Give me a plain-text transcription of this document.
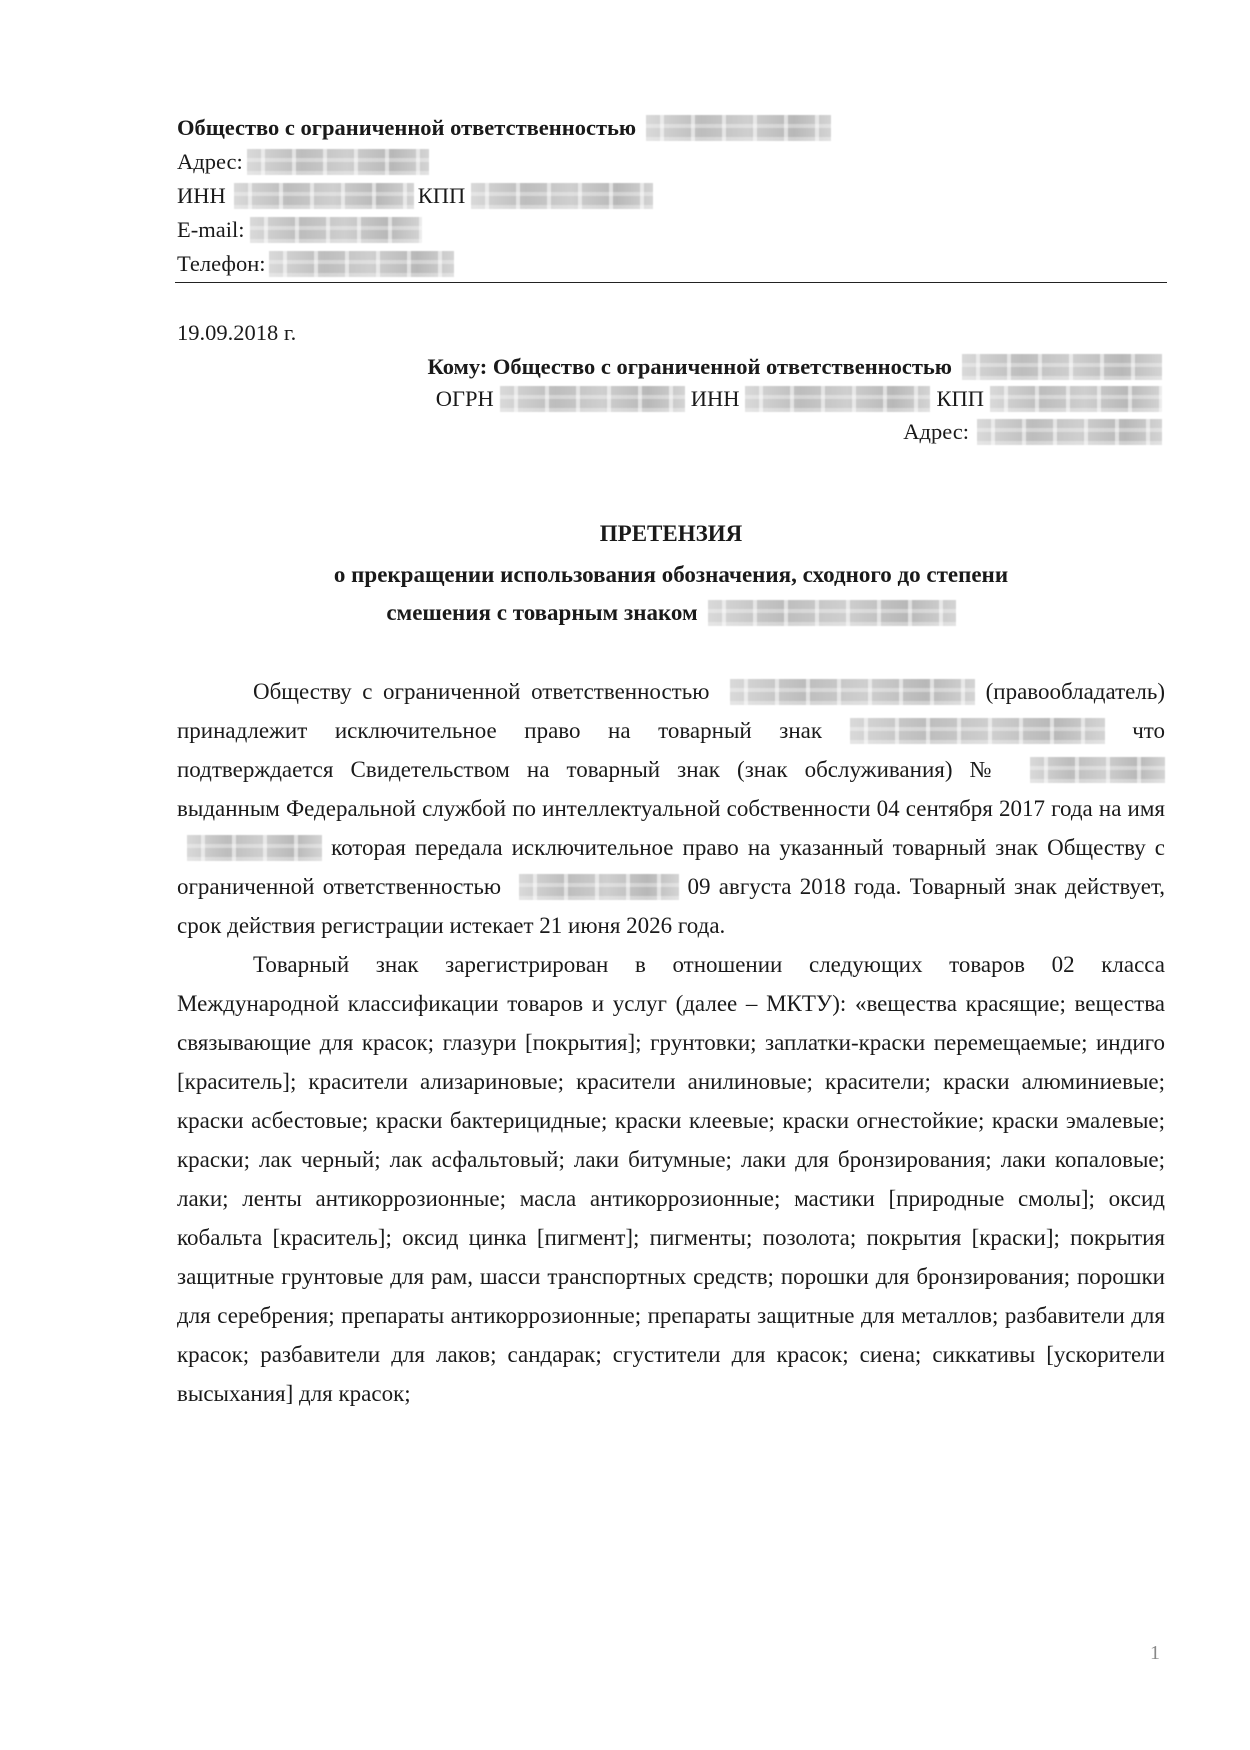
Общество с ограниченной ответственностью
Адрес:
ИНН	КПП
E-mail:
Телефон:
19.09.2018 г.
Кому: Общество с ограниченной ответственностью
ОГРН	ИНН	КПП
Адрес:
ПРЕТЕНЗИЯ
о прекращении использования обозначения, сходного до степени
смешения с товарным знаком

Обществу с ограниченной ответственностью	(правообладатель) принадлежит исключительное право на товарный знак	что подтверждается Свидетельством на товарный знак (знак обслуживания) №  выданным Федеральной службой по интеллектуальной собственности 04 сентября 2017 года на имя  которая передала исключительное право на указанный товарный знак Обществу с ограниченной ответственностью	09 августа 2018 года. Товарный знак действует, срок действия регистрации истекает 21 июня 2026 года.

Товарный знак зарегистрирован в отношении следующих товаров 02 класса Международной классификации товаров и услуг (далее – МКТУ): «вещества красящие; вещества связывающие для красок; глазури [покрытия]; грунтовки; заплатки-краски перемещаемые; индиго [краситель]; красители ализариновые; красители анилиновые; красители; краски алюминиевые; краски асбестовые; краски бактерицидные; краски клеевые; краски огнестойкие; краски эмалевые; краски; лак черный; лак асфальтовый; лаки битумные; лаки для бронзирования; лаки копаловые; лаки; ленты антикоррозионные; масла антикоррозионные; мастики [природные смолы]; оксид кобальта [краситель]; оксид цинка [пигмент]; пигменты; позолота; покрытия [краски]; покрытия защитные грунтовые для рам, шасси транспортных средств; порошки для бронзирования; порошки для серебрения; препараты антикоррозионные; препараты защитные для металлов; разбавители для красок; разбавители для лаков; сандарак; сгустители для красок; сиена; сиккативы [ускорители высыхания] для красок;

1
